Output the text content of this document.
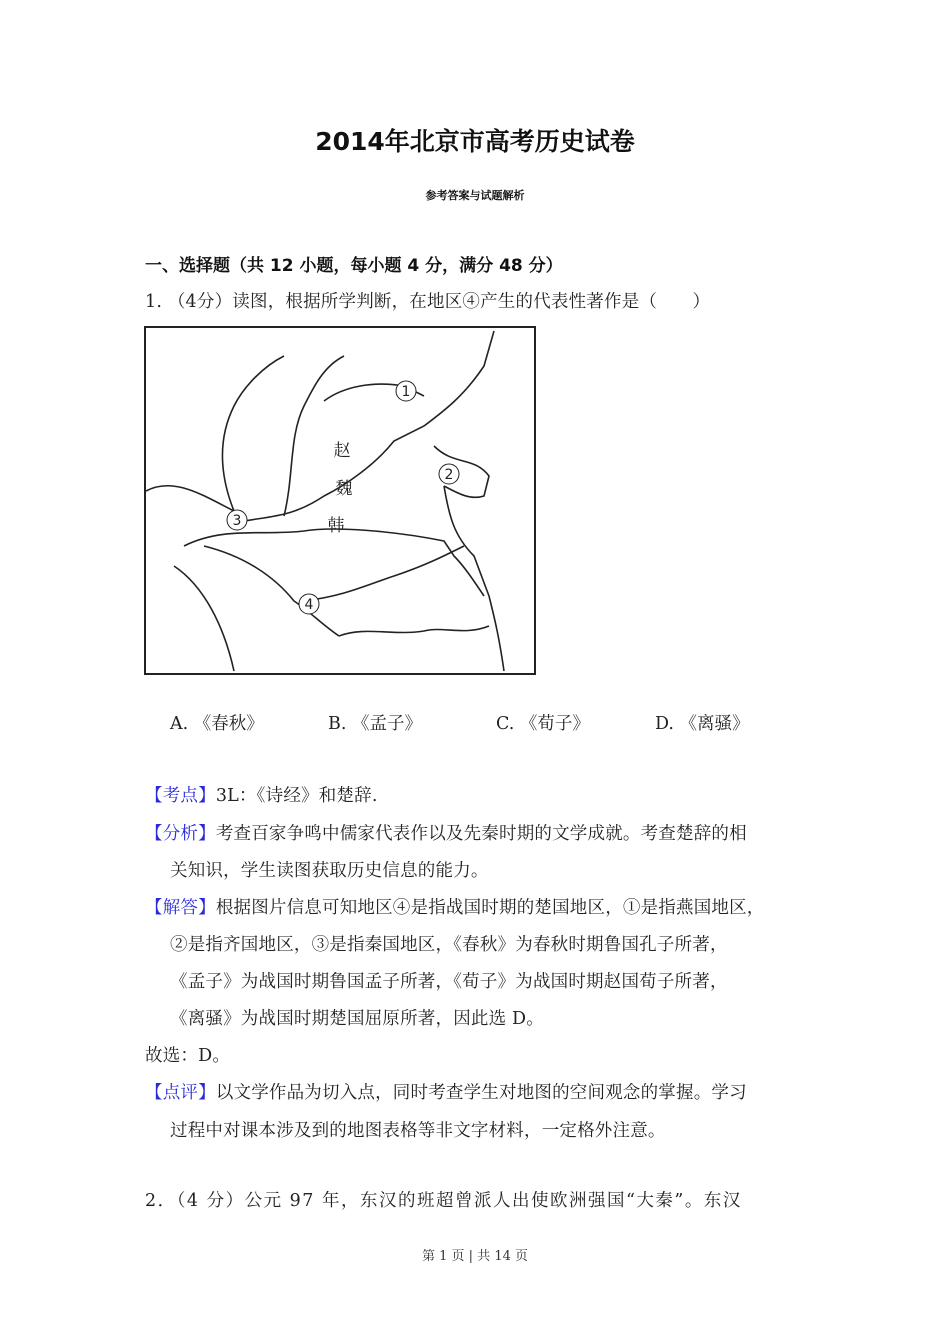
2014年北京市高考历史试卷
参考答案与试题解析
一、选择题（共 12 小题，每小题 4 分，满分 48 分）
1. （4分）读图，根据所学判断，在地区④产生的代表性著作是（　　）
1
2
3
4
赵
魏
韩
A. 《春秋》	B. 《孟子》	C. 《荀子》	D. 《离骚》
【考点】3L：《诗经》和楚辞.
【分析】考查百家争鸣中儒家代表作以及先秦时期的文学成就。考查楚辞的相
关知识，学生读图获取历史信息的能力。
【解答】根据图片信息可知地区④是指战国时期的楚国地区，①是指燕国地区，
②是指齐国地区，③是指秦国地区，《春秋》为春秋时期鲁国孔子所著，
《孟子》为战国时期鲁国孟子所著，《荀子》为战国时期赵国荀子所著，
《离骚》为战国时期楚国屈原所著，因此选 D。
故选：D。
【点评】以文学作品为切入点，同时考查学生对地图的空间观念的掌握。学习
过程中对课本涉及到的地图表格等非文字材料，一定格外注意。
2．（4 分）公元 97 年，东汉的班超曾派人出使欧洲强国“大秦”。东汉
第 1 页 | 共 14 页
